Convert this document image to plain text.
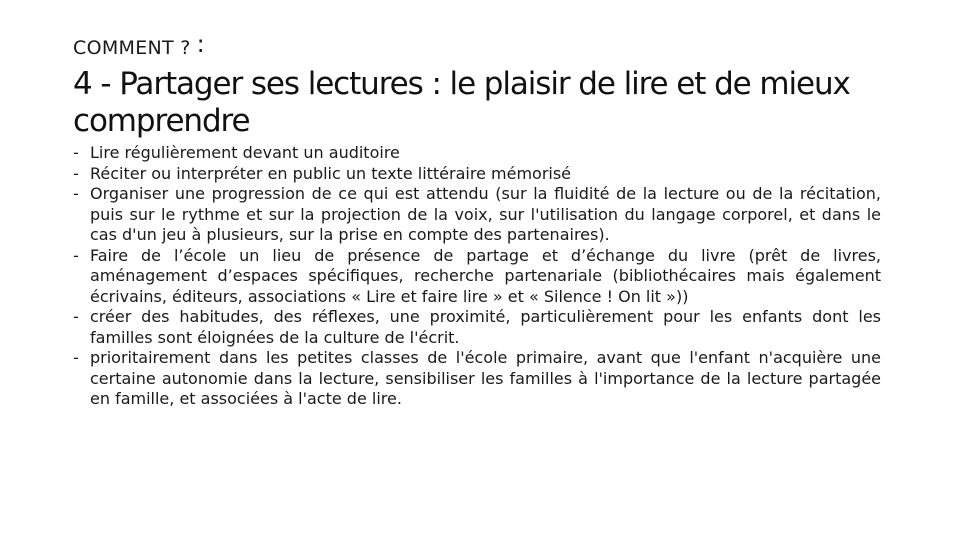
COMMENT ? :
4 - Partager ses lectures : le plaisir de lire et de mieux comprendre
- Lire régulièrement devant un auditoire
- Réciter ou interpréter en public un texte littéraire mémorisé
- Organiser une progression de ce qui est attendu (sur la fluidité de la lecture ou de la récitation, puis sur le rythme et sur la projection de la voix, sur l'utilisation du langage corporel, et dans le cas d'un jeu à plusieurs, sur la prise en compte des partenaires).
- Faire de l’école un lieu de présence de partage et d’échange du livre (prêt de livres, aménagement d’espaces spécifiques, recherche partenariale (bibliothécaires mais également écrivains, éditeurs, associations « Lire et faire lire » et « Silence ! On lit »))
- créer des habitudes, des réflexes, une proximité, particulièrement pour les enfants dont les familles sont éloignées de la culture de l'écrit.
- prioritairement dans les petites classes de l'école primaire, avant que l'enfant n'acquière une certaine autonomie dans la lecture, sensibiliser les familles à l'importance de la lecture partagée en famille, et associées à l'acte de lire.
